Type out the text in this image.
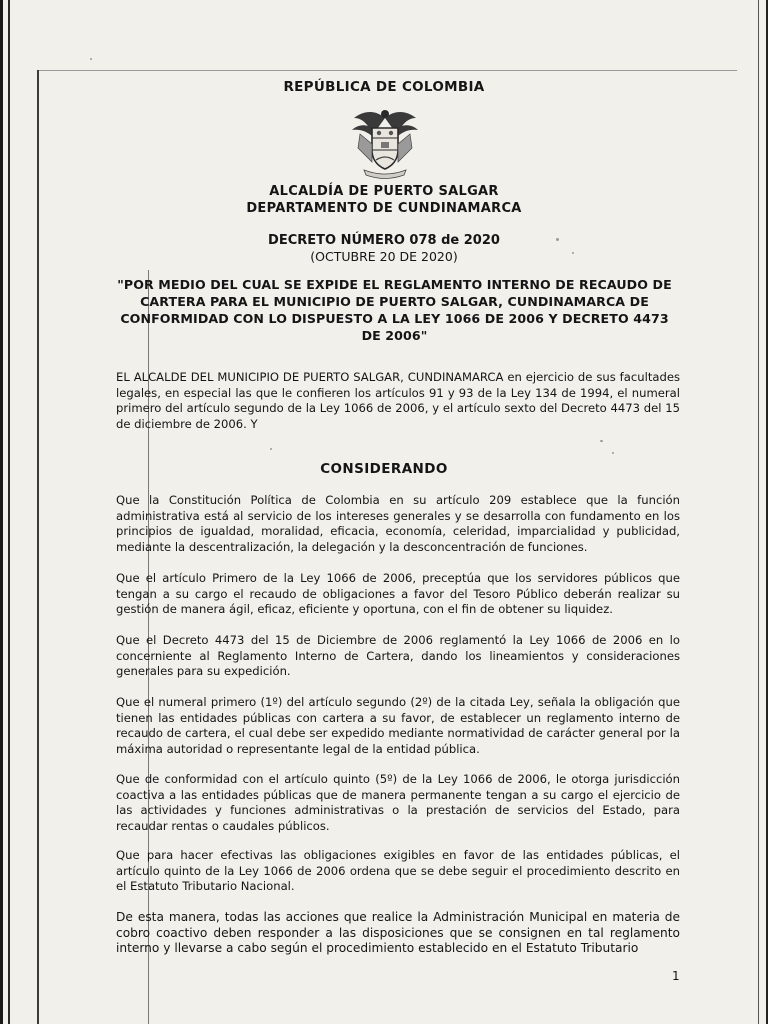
REPÚBLICA DE COLOMBIA
ALCALDÍA DE PUERTO SALGAR
DEPARTAMENTO DE CUNDINAMARCA
DECRETO NÚMERO 078 de 2020
(OCTUBRE 20 DE 2020)
"POR MEDIO DEL CUAL SE EXPIDE EL REGLAMENTO INTERNO DE RECAUDO DE CARTERA PARA EL MUNICIPIO DE PUERTO SALGAR, CUNDINAMARCA DE CONFORMIDAD CON LO DISPUESTO A LA LEY 1066 DE 2006 Y DECRETO 4473 DE 2006"
EL ALCALDE DEL MUNICIPIO DE PUERTO SALGAR, CUNDINAMARCA en ejercicio de sus facultades legales, en especial las que le confieren los artículos 91 y 93 de la Ley 134 de 1994, el numeral primero del artículo segundo de la Ley 1066 de 2006, y el artículo sexto del Decreto 4473 del 15 de diciembre de 2006. Y
CONSIDERANDO
Que la Constitución Política de Colombia en su artículo 209 establece que la función administrativa está al servicio de los intereses generales y se desarrolla con fundamento en los principios de igualdad, moralidad, eficacia, economía, celeridad, imparcialidad y publicidad, mediante la descentralización, la delegación y la desconcentración de funciones.
Que el artículo Primero de la Ley 1066 de 2006, preceptúa que los servidores públicos que tengan a su cargo el recaudo de obligaciones a favor del Tesoro Público deberán realizar su gestión de manera ágil, eficaz, eficiente y oportuna, con el fin de obtener su liquidez.
Que el Decreto 4473 del 15 de Diciembre de 2006 reglamentó la Ley 1066 de 2006 en lo concerniente al Reglamento Interno de Cartera, dando los lineamientos y consideraciones generales para su expedición.
Que el numeral primero (1º) del artículo segundo (2º) de la citada Ley, señala la obligación que tienen las entidades públicas con cartera a su favor, de establecer un reglamento interno de recaudo de cartera, el cual debe ser expedido mediante normatividad de carácter general por la máxima autoridad o representante legal de la entidad pública.
Que de conformidad con el artículo quinto (5º) de la Ley 1066 de 2006, le otorga jurisdicción coactiva a las entidades públicas que de manera permanente tengan a su cargo el ejercicio de las actividades y funciones administrativas o la prestación de servicios del Estado, para recaudar rentas o caudales públicos.
Que para hacer efectivas las obligaciones exigibles en favor de las entidades públicas, el artículo quinto de la Ley 1066 de 2006 ordena que se debe seguir el procedimiento descrito en el Estatuto Tributario Nacional.
De esta manera, todas las acciones que realice la Administración Municipal en materia de cobro coactivo deben responder a las disposiciones que se consignen en tal reglamento interno y llevarse a cabo según el procedimiento establecido en el Estatuto Tributario
1
